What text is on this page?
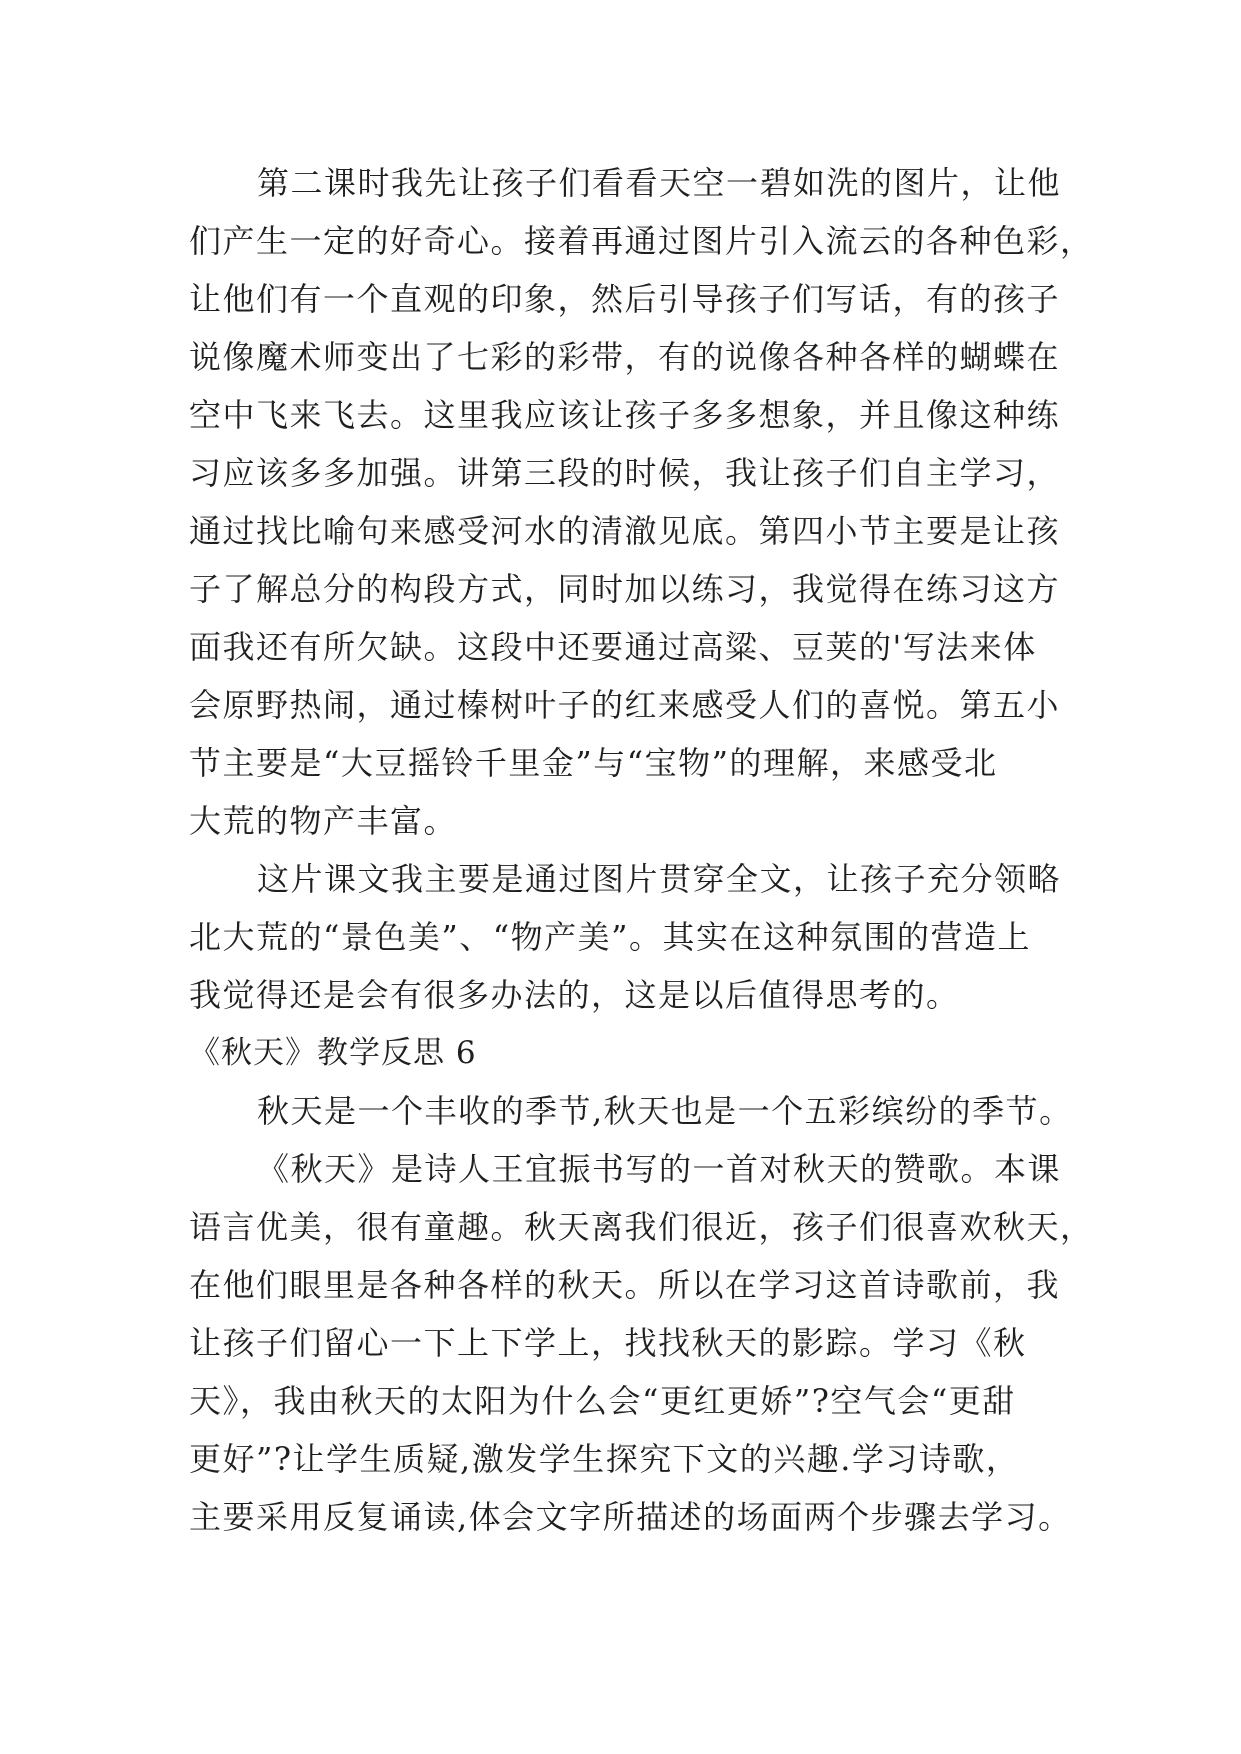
第二课时我先让孩子们看看天空一碧如洗的图片，让他
们产生一定的好奇心。接着再通过图片引入流云的各种色彩，
让他们有一个直观的印象，然后引导孩子们写话，有的孩子
说像魔术师变出了七彩的彩带，有的说像各种各样的蝴蝶在
空中飞来飞去。这里我应该让孩子多多想象，并且像这种练
习应该多多加强。讲第三段的时候，我让孩子们自主学习，
通过找比喻句来感受河水的清澈见底。第四小节主要是让孩
子了解总分的构段方式，同时加以练习，我觉得在练习这方
面我还有所欠缺。这段中还要通过高粱、豆荚的'写法来体
会原野热闹，通过榛树叶子的红来感受人们的喜悦。第五小
节主要是“大豆摇铃千里金”与“宝物”的理解，来感受北
大荒的物产丰富。
这片课文我主要是通过图片贯穿全文，让孩子充分领略
北大荒的“景色美”、“物产美”。其实在这种氛围的营造上
我觉得还是会有很多办法的，这是以后值得思考的。
《秋天》教学反思 6
秋天是一个丰收的季节,秋天也是一个五彩缤纷的季节。
《秋天》是诗人王宜振书写的一首对秋天的赞歌。本课
语言优美，很有童趣。秋天离我们很近，孩子们很喜欢秋天，
在他们眼里是各种各样的秋天。所以在学习这首诗歌前，我
让孩子们留心一下上下学上，找找秋天的影踪。学习《秋
天》，我由秋天的太阳为什么会“更红更娇”?空气会“更甜
更好”?让学生质疑,激发学生探究下文的兴趣.学习诗歌，
主要采用反复诵读,体会文字所描述的场面两个步骤去学习。
